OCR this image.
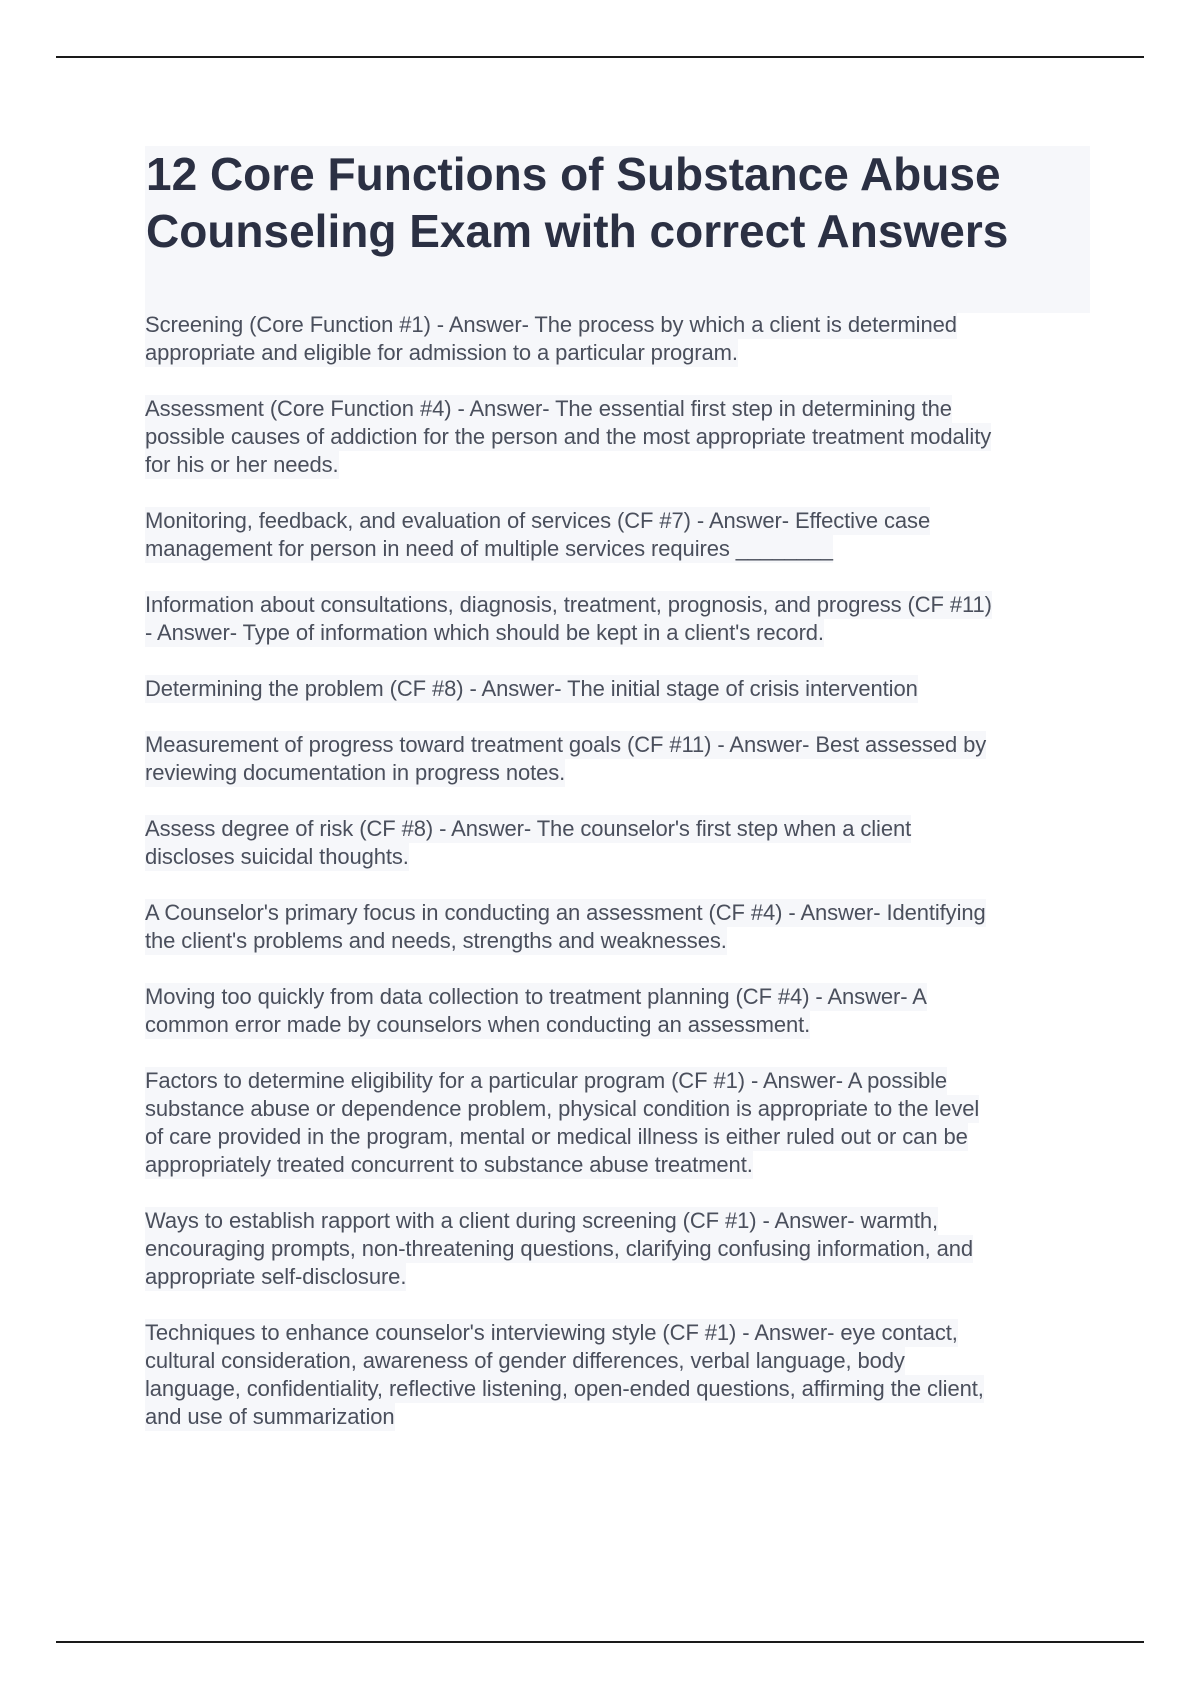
12 Core Functions of Substance Abuse
Counseling Exam with correct Answers

Screening (Core Function #1) - Answer- The process by which a client is determined

appropriate and eligible for admission to a particular program.

Assessment (Core Function #4) - Answer- The essential first step in determining the

possible causes of addiction for the person and the most appropriate treatment modality

for his or her needs.

Monitoring, feedback, and evaluation of services (CF #7) - Answer- Effective case

management for person in need of multiple services requires ________

Information about consultations, diagnosis, treatment, prognosis, and progress (CF #11)

- Answer- Type of information which should be kept in a client's record.

Determining the problem (CF #8) - Answer- The initial stage of crisis intervention

Measurement of progress toward treatment goals (CF #11) - Answer- Best assessed by

reviewing documentation in progress notes.

Assess degree of risk (CF #8) - Answer- The counselor's first step when a client

discloses suicidal thoughts.

A Counselor's primary focus in conducting an assessment (CF #4) - Answer- Identifying

the client's problems and needs, strengths and weaknesses.

Moving too quickly from data collection to treatment planning (CF #4) - Answer- A

common error made by counselors when conducting an assessment.

Factors to determine eligibility for a particular program (CF #1) - Answer- A possible

substance abuse or dependence problem, physical condition is appropriate to the level

of care provided in the program, mental or medical illness is either ruled out or can be

appropriately treated concurrent to substance abuse treatment.

Ways to establish rapport with a client during screening (CF #1) - Answer- warmth,

encouraging prompts, non-threatening questions, clarifying confusing information, and

appropriate self-disclosure.

Techniques to enhance counselor's interviewing style (CF #1) - Answer- eye contact,

cultural consideration, awareness of gender differences, verbal language, body

language, confidentiality, reflective listening, open-ended questions, affirming the client,

and use of summarization
